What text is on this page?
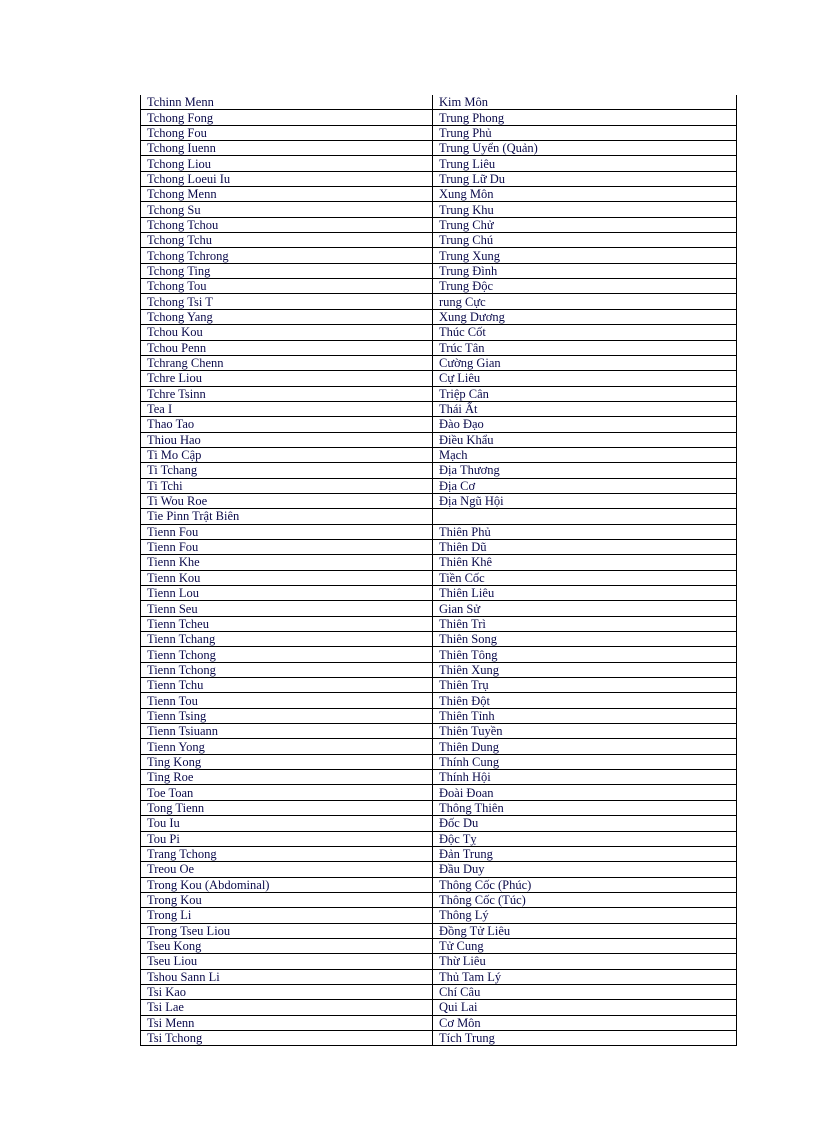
Tchinn Menn	Kim Môn
Tchong Fong	Trung Phong
Tchong Fou	Trung Phủ
Tchong Iuenn	Trung Uyển (Quản)
Tchong Liou	Trung Liêu
Tchong Loeui Iu	Trung Lữ Du
Tchong Menn	Xung Môn
Tchong Su	Trung Khu
Tchong Tchou	Trung Chử
Tchong Tchu	Trung Chú
Tchong Tchrong	Trung Xung
Tchong Ting	Trung Đình
Tchong Tou	Trung Độc
Tchong Tsi T	rung Cực
Tchong Yang	Xung Dương
Tchou Kou	Thúc Cốt
Tchou Penn	Trúc Tân
Tchrang Chenn	Cường Gian
Tchre Liou	Cự Liêu
Tchre Tsinn	Triệp Cân
Tea I	Thái Ất
Thao Tao	Đào Đạo
Thiou Hao	Điều Khẩu
Ti Mo Cập	Mạch
Ti Tchang	Địa Thương
Ti Tchi	Địa Cơ
Ti Wou Roe	Địa Ngũ Hội
Tie Pinn Trật Biên	
Tienn Fou	Thiên Phủ
Tienn Fou	Thiên Dũ
Tienn Khe	Thiên Khê
Tienn Kou	Tiền Cốc
Tienn Lou	Thiên Liêu
Tienn Seu	Gian Sử
Tienn Tcheu	Thiên Trì
Tienn Tchang	Thiên Song
Tienn Tchong	Thiên Tông
Tienn Tchong	Thiên Xung
Tienn Tchu	Thiên Trụ
Tienn Tou	Thiên Đột
Tienn Tsing	Thiên Tỉnh
Tienn Tsiuann	Thiên Tuyền
Tienn Yong	Thiên Dung
Ting Kong	Thính Cung
Ting Roe	Thính Hội
Toe Toan	Đoài Đoan
Tong Tienn	Thông Thiên
Tou Iu	Đốc Du
Tou Pi	Độc Tỵ
Trang Tchong	Đản Trung
Treou Oe	Đầu Duy
Trong Kou (Abdominal)	Thông Cốc (Phúc)
Trong Kou	Thông Cốc (Túc)
Trong Li	Thông Lý
Trong Tseu Liou	Đồng Tử Liêu
Tseu Kong	Tử Cung
Tseu Liou	Thừ Liêu
Tshou Sann Li	Thủ Tam Lý
Tsi Kao	Chí Câu
Tsi Lae	Qui Lai
Tsi Menn	Cơ Môn
Tsi Tchong	Tích Trung
